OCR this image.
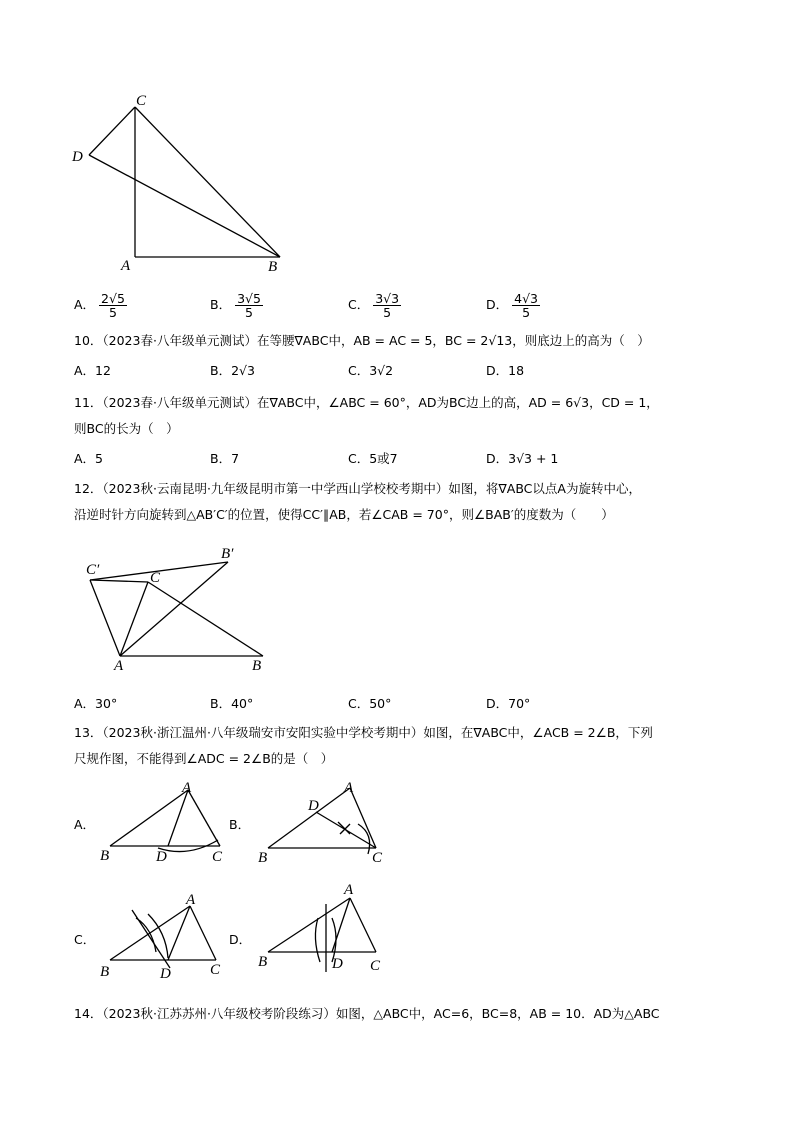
C
D
A	B
A． $\frac{2√5}{5}$	B． $\frac{3√5}{5}$	C． $\frac{3√3}{5}$	D． $\frac{4√3}{5}$
10．（2023春·八年级单元测试）在等腰∇ABC中，AB = AC = 5，BC = 2√13，则底边上的高为（　）
A．12	B．2√3	C．3√2	D．18
11．（2023春·八年级单元测试）在∇ABC中，∠ABC = 60°，AD为BC边上的高，AD = 6√3，CD = 1，
则BC的长为（　）
A．5	B．7	C．5或7	D．3√3 + 1
12．（2023秋·云南昆明·九年级昆明市第一中学西山学校校考期中）如图，将∇ABC以点A为旋转中心，
沿逆时针方向旋转到△AB′C′的位置，使得CC′∥AB，若∠CAB = 70°，则∠BAB′的度数为（　　）
C′	C
B′
A	B
A．30°	B．40°	C．50°	D．70°
13．（2023秋·浙江温州·八年级瑞安市安阳实验中学校考期中）如图，在∇ABC中，∠ACB = 2∠B，下列
尺规作图，不能得到∠ADC = 2∠B的是（　）
A．
A
B	D	C
B．
A
D
B	C
C．
A
B	D	C
D．
A
B	D C
14．（2023秋·江苏苏州·八年级校考阶段练习）如图，△ABC中，AC=6，BC=8，AB = 10．AD为△ABC
